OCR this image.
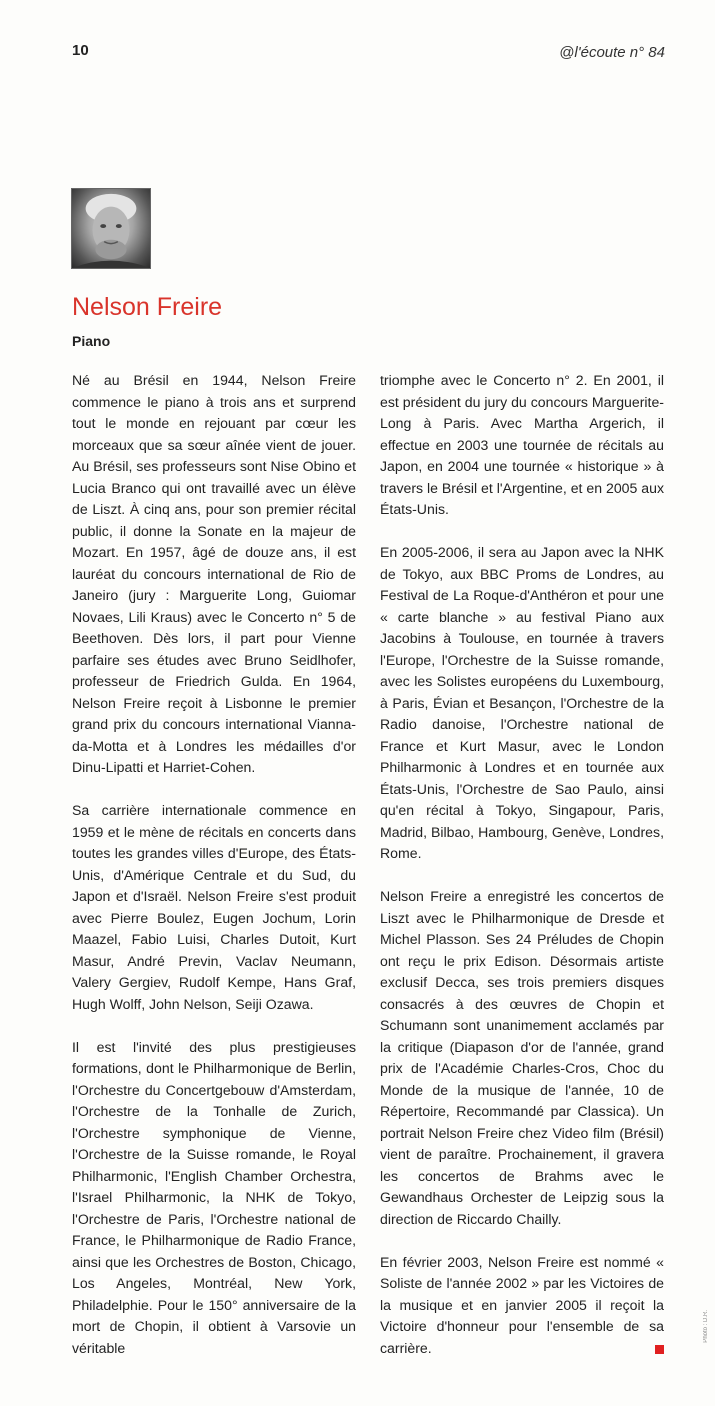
10	@l'écoute n° 84
Nelson Freire
Piano

Né au Brésil en 1944, Nelson Freire commence le piano à trois ans et surprend tout le monde en rejouant par cœur les morceaux que sa sœur aînée vient de jouer. Au Brésil, ses professeurs sont Nise Obino et Lucia Branco qui ont travaillé avec un élève de Liszt. À cinq ans, pour son premier récital public, il donne la Sonate en la majeur de Mozart. En 1957, âgé de douze ans, il est lauréat du concours international de Rio de Janeiro (jury : Marguerite Long, Guiomar Novaes, Lili Kraus) avec le Concerto n° 5 de Beethoven. Dès lors, il part pour Vienne parfaire ses études avec Bruno Seidlhofer, professeur de Friedrich Gulda. En 1964, Nelson Freire reçoit à Lisbonne le premier grand prix du concours international Vianna-da-Motta et à Londres les médailles d'or Dinu-Lipatti et Harriet-Cohen.

Sa carrière internationale commence en 1959 et le mène de récitals en concerts dans toutes les grandes villes d'Europe, des États-Unis, d'Amérique Centrale et du Sud, du Japon et d'Israël. Nelson Freire s'est produit avec Pierre Boulez, Eugen Jochum, Lorin Maazel, Fabio Luisi, Charles Dutoit, Kurt Masur, André Previn, Vaclav Neumann, Valery Gergiev, Rudolf Kempe, Hans Graf, Hugh Wolff, John Nelson, Seiji Ozawa.

Il est l'invité des plus prestigieuses formations, dont le Philharmonique de Berlin, l'Orchestre du Concertgebouw d'Amsterdam, l'Orchestre de la Tonhalle de Zurich, l'Orchestre symphonique de Vienne, l'Orchestre de la Suisse romande, le Royal Philharmonic, l'English Chamber Orchestra, l'Israel Philharmonic, la NHK de Tokyo, l'Orchestre de Paris, l'Orchestre national de France, le Philharmonique de Radio France, ainsi que les Orchestres de Boston, Chicago, Los Angeles, Montréal, New York, Philadelphie. Pour le 150° anniversaire de la mort de Chopin, il obtient à Varsovie un véritable

triomphe avec le Concerto n° 2. En 2001, il est président du jury du concours Marguerite-Long à Paris. Avec Martha Argerich, il effectue en 2003 une tournée de récitals au Japon, en 2004 une tournée « historique » à travers le Brésil et l'Argentine, et en 2005 aux États-Unis.

En 2005-2006, il sera au Japon avec la NHK de Tokyo, aux BBC Proms de Londres, au Festival de La Roque-d'Anthéron et pour une « carte blanche » au festival Piano aux Jacobins à Toulouse, en tournée à travers l'Europe, l'Orchestre de la Suisse romande, avec les Solistes européens du Luxembourg, à Paris, Évian et Besançon, l'Orchestre de la Radio danoise, l'Orchestre national de France et Kurt Masur, avec le London Philharmonic à Londres et en tournée aux États-Unis, l'Orchestre de Sao Paulo, ainsi qu'en récital à Tokyo, Singapour, Paris, Madrid, Bilbao, Hambourg, Genève, Londres, Rome.

Nelson Freire a enregistré les concertos de Liszt avec le Philharmonique de Dresde et Michel Plasson. Ses 24 Préludes de Chopin ont reçu le prix Edison. Désormais artiste exclusif Decca, ses trois premiers disques consacrés à des œuvres de Chopin et Schumann sont unanimement acclamés par la critique (Diapason d'or de l'année, grand prix de l'Académie Charles-Cros, Choc du Monde de la musique de l'année, 10 de Répertoire, Recommandé par Classica). Un portrait Nelson Freire chez Video film (Brésil) vient de paraître. Prochainement, il gravera les concertos de Brahms avec le Gewandhaus Orchester de Leipzig sous la direction de Riccardo Chailly.

En février 2003, Nelson Freire est nommé « Soliste de l'année 2002 » par les Victoires de la musique et en janvier 2005 il reçoit la Victoire d'honneur pour l'ensemble de sa carrière.

Photo : D.R.
